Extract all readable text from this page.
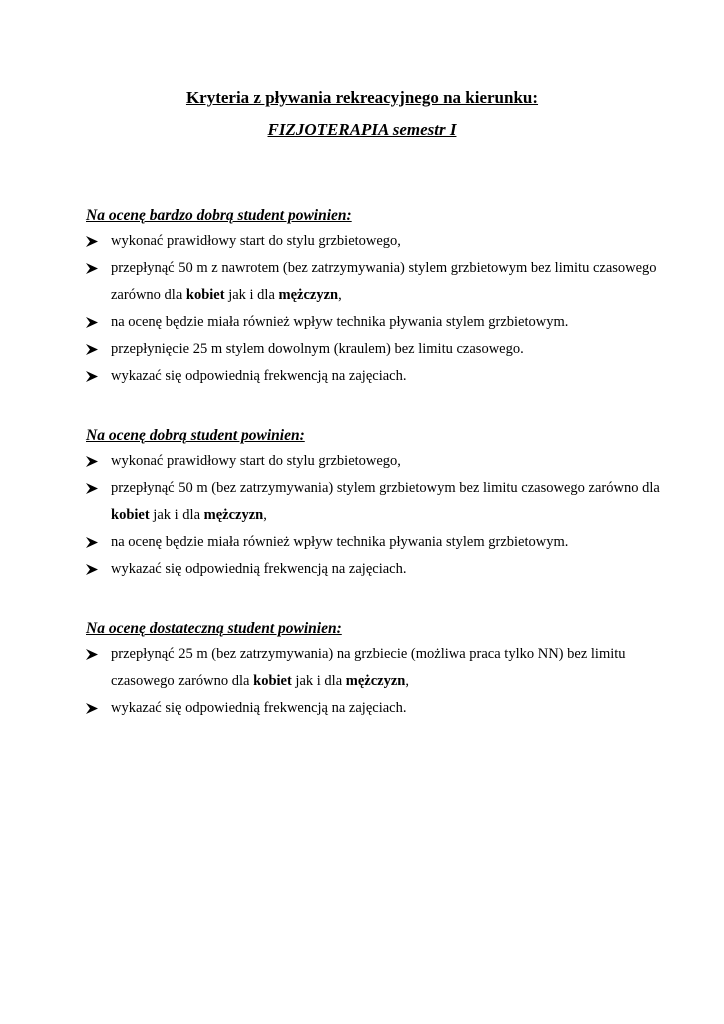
Kryteria z pływania rekreacyjnego na kierunku:
FIZJOTERAPIA semestr I
Na ocenę bardzo dobrą student powinien:
wykonać prawidłowy start do stylu grzbietowego,
przepłynąć 50 m z nawrotem (bez zatrzymywania) stylem grzbietowym bez limitu czasowego zarówno dla kobiet jak i dla mężczyzn,
na ocenę będzie miała również wpływ technika pływania stylem grzbietowym.
przepłynięcie 25 m stylem dowolnym (kraulem) bez limitu czasowego.
wykazać się odpowiednią frekwencją na zajęciach.
Na ocenę dobrą student powinien:
wykonać prawidłowy start do stylu grzbietowego,
przepłynąć 50 m (bez zatrzymywania) stylem grzbietowym bez limitu czasowego zarówno dla kobiet jak i dla mężczyzn,
na ocenę będzie miała również wpływ technika pływania stylem grzbietowym.
wykazać się odpowiednią frekwencją na zajęciach.
Na ocenę dostateczną student powinien:
przepłynąć 25 m (bez zatrzymywania) na grzbiecie (możliwa praca tylko NN) bez limitu czasowego zarówno dla kobiet jak i dla mężczyzn,
wykazać się odpowiednią frekwencją na zajęciach.
